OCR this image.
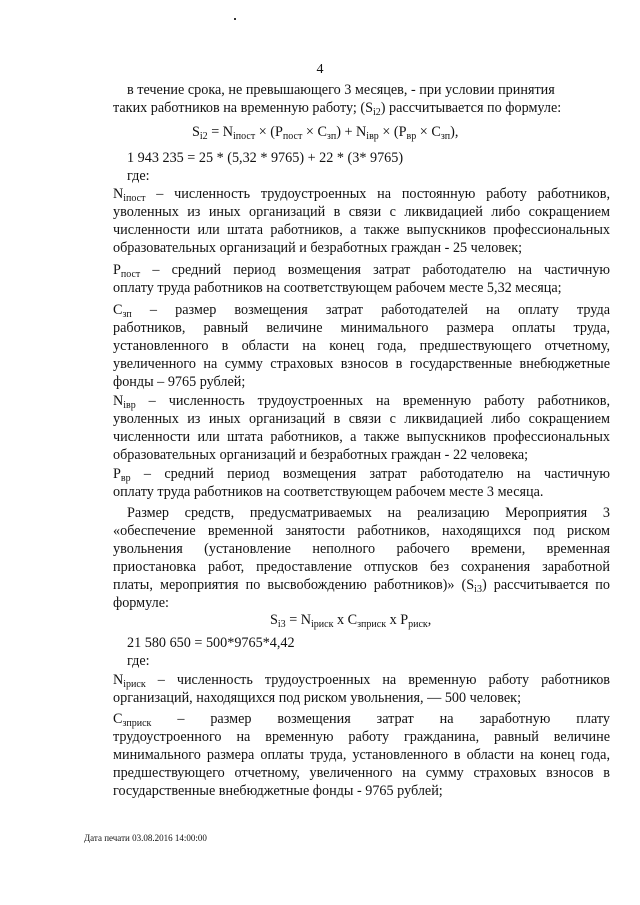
4
в течение срока, не превышающего 3 месяцев, - при условии принятия
таких работников на временную работу; $(S_{i2})$ рассчитывается по формуле:
$S_{i2} = N_{iпост} \times (P_{пост} \times C_{зп}) + N_{iвр} \times (P_{вр} \times C_{зп})$,
1 943 235 = 25 * (5,32 * 9765) + 22 * (3* 9765)
где:
$N_{iпост}$ – численность трудоустроенных на постоянную работу работников,
уволенных из иных организаций в связи с ликвидацией либо сокращением
численности или штата работников, а также выпускников профессиональных
образовательных организаций и безработных граждан - 25 человек;
$P_{пост}$ – средний период возмещения затрат работодателю на частичную
оплату труда работников на соответствующем рабочем месте 5,32 месяца;
$C_{зп}$ – размер возмещения затрат работодателей на оплату труда
работников, равный величине минимального размера оплаты труда,
установленного в области на конец года, предшествующего отчетному,
увеличенного на сумму страховых взносов в государственные внебюджетные
фонды – 9765 рублей;
$N_{iвр}$ – численность трудоустроенных на временную работу работников,
уволенных из иных организаций в связи с ликвидацией либо сокращением
численности или штата работников, а также выпускников профессиональных
образовательных организаций и безработных граждан - 22 человека;
$P_{вр}$ – средний период возмещения затрат работодателю на частичную
оплату труда работников на соответствующем рабочем месте 3 месяца.
Размер средств, предусматриваемых на реализацию Мероприятия 3
«обеспечение временной занятости работников, находящихся под риском
увольнения (установление неполного рабочего времени, временная
приостановка работ, предоставление отпусков без сохранения заработной
платы, мероприятия по высвобождению работников)» $(S_{i3})$ рассчитывается по
формуле:
$S_{i3} = N_{iриск}$ x $C_{зприск}$ x $P_{риск}$,
21 580 650 = 500*9765*4,42
где:
$N_{iриск}$ – численность трудоустроенных на временную работу работников
организаций, находящихся под риском увольнения, — 500 человек;
$C_{зприск}$ – размер возмещения затрат на заработную плату
трудоустроенного на временную работу гражданина, равный величине
минимального размера оплаты труда, установленного в области на конец года,
предшествующего отчетному, увеличенного на сумму страховых взносов в
государственные внебюджетные фонды - 9765 рублей;
Дата печати 03.08.2016 14:00:00
